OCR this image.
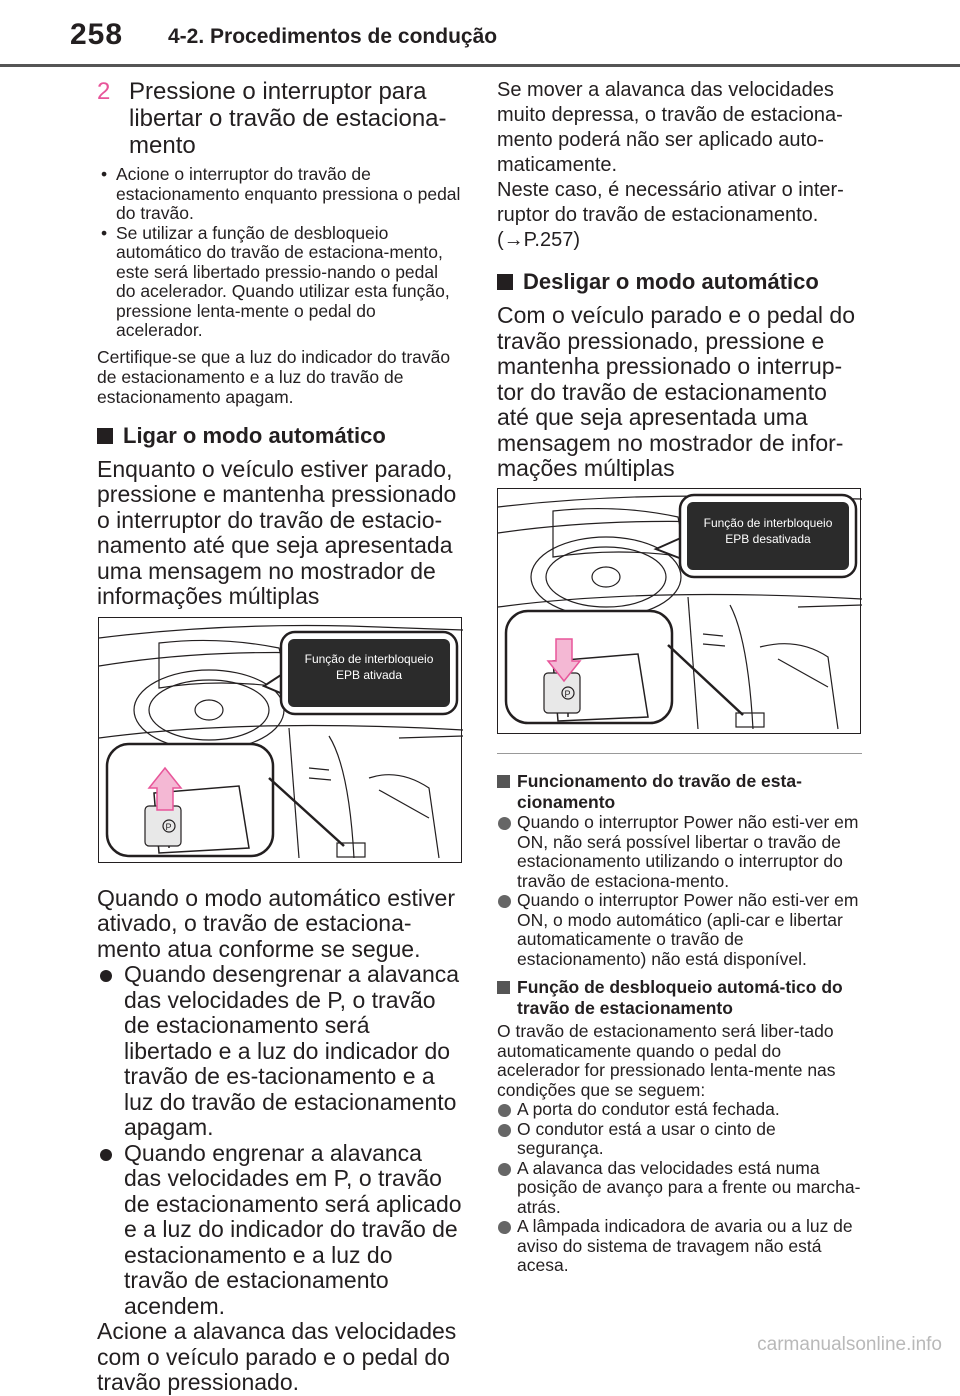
258 4-2. Procedimentos de condução
2 Pressione o interruptor para libertar o travão de estaciona-mento
• Acione o interruptor do travão de estacionamento enquanto pressiona o pedal do travão.
• Se utilizar a função de desbloqueio automático do travão de estaciona-mento, este será libertado pressio-nando o pedal do acelerador. Quando utilizar esta função, pressione lenta-mente o pedal do acelerador.

Certifique-se que a luz do indicador do travão de estacionamento e a luz do travão de estacionamento apagam.

Ligar o modo automático

Enquanto o veículo estiver parado, pressione e mantenha pressionado o interruptor do travão de estacio-namento até que seja apresentada uma mensagem no mostrador de informações múltiplas

Quando o modo automático estiver ativado, o travão de estaciona-mento atua conforme se segue.

Quando desengrenar a alavanca das velocidades de P, o travão de estacionamento será libertado e a luz do indicador do travão de es-tacionamento e a luz do travão de estacionamento apagam.
Quando engrenar a alavanca das velocidades em P, o travão de estacionamento será aplicado e a luz do indicador do travão de estacionamento e a luz do travão de estacionamento acendem.

Acione a alavanca das velocidades com o veículo parado e o pedal do travão pressionado.

P
Função de interbloqueio
EPB ativada

Se mover a alavanca das velocidades muito depressa, o travão de estaciona-mento poderá não ser aplicado auto-maticamente.

Neste caso, é necessário ativar o inter-ruptor do travão de estacionamento.

(→P.257)

Desligar o modo automático

Com o veículo parado e o pedal do travão pressionado, pressione e mantenha pressionado o interrup-tor do travão de estacionamento até que seja apresentada uma mensagem no mostrador de infor-mações múltiplas

P
Função de interbloqueio
EPB desativada
Funcionamento do travão de esta-cionamento
Quando o interruptor Power não esti-ver em ON, não será possível libertar o travão de estacionamento utilizando o interruptor do travão de estaciona-mento.
Quando o interruptor Power não esti-ver em ON, o modo automático (apli-car e libertar automaticamente o travão de estacionamento) não está disponível.
Função de desbloqueio automá-tico do travão de estacionamento

O travão de estacionamento será liber-tado automaticamente quando o pedal do acelerador for pressionado lenta-mente nas condições que se seguem:

A porta do condutor está fechada.
O condutor está a usar o cinto de segurança.
A alavanca das velocidades está numa posição de avanço para a frente ou marcha-atrás.
A lâmpada indicadora de avaria ou a luz de aviso do sistema de travagem não está acesa.
carmanualsonline.info
